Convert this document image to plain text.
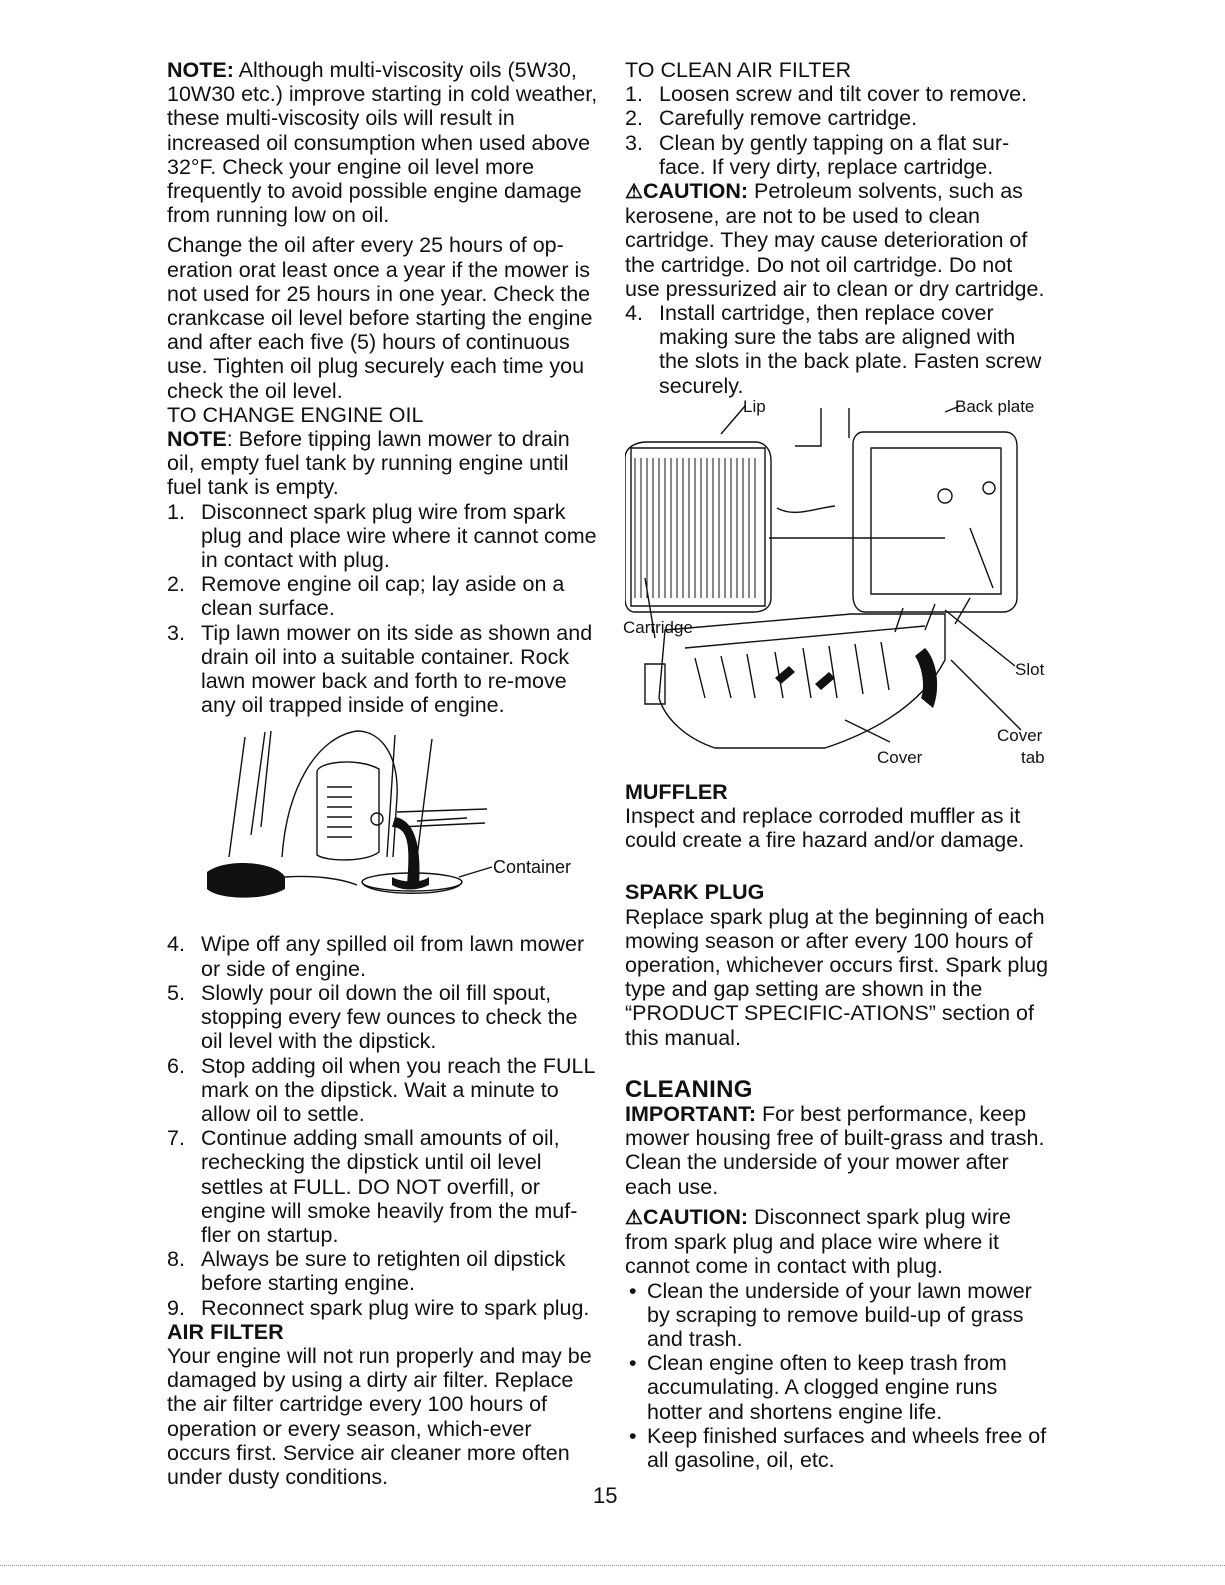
NOTE: Although multi-viscosity oils (5W30, 10W30 etc.) improve starting in cold weather, these multi-viscosity oils will result in increased oil consumption when used above 32°F. Check your engine oil level more frequently to avoid possible engine damage from running low on oil.

Change the oil after every 25 hours of op-eration orat least once a year if the mower is not used for 25 hours in one year. Check the crankcase oil level before starting the engine and after each five (5) hours of continuous use. Tighten oil plug securely each time you check the oil level.

TO CHANGE ENGINE OIL

NOTE: Before tipping lawn mower to drain oil, empty fuel tank by running engine until fuel tank is empty.

1. Disconnect spark plug wire from spark plug and place wire where it cannot come in contact with plug.
2. Remove engine oil cap; lay aside on a clean surface.
3. Tip lawn mower on its side as shown and drain oil into a suitable container. Rock lawn mower back and forth to re-move any oil trapped inside of engine.
Container
4. Wipe off any spilled oil from lawn mower or side of engine.
5. Slowly pour oil down the oil fill spout, stopping every few ounces to check the oil level with the dipstick.
6. Stop adding oil when you reach the FULL mark on the dipstick. Wait a minute to allow oil to settle.
7. Continue adding small amounts of oil, rechecking the dipstick until oil level settles at FULL. DO NOT overfill, or engine will smoke heavily from the muf-fler on startup.
8. Always be sure to retighten oil dipstick before starting engine.
9. Reconnect spark plug wire to spark plug.
AIR FILTER

Your engine will not run properly and may be damaged by using a dirty air filter. Replace the air filter cartridge every 100 hours of operation or every season, which-ever occurs first. Service air cleaner more often under dusty conditions.

TO CLEAN AIR FILTER
1. Loosen screw and tilt cover to remove.
2. Carefully remove cartridge.
3. Clean by gently tapping on a flat sur-face. If very dirty, replace cartridge.

⚠CAUTION: Petroleum solvents, such as kerosene, are not to be used to clean cartridge. They may cause deterioration of the cartridge. Do not oil cartridge. Do not use pressurized air to clean or dry cartridge.

4. Install cartridge, then replace cover making sure the tabs are aligned with the slots in the back plate. Fasten screw securely.
Lip	Back plate
Cartridge
Slot
Cover
Cover
tab
MUFFLER

Inspect and replace corroded muffler as it could create a fire hazard and/or damage.

SPARK PLUG

Replace spark plug at the beginning of each mowing season or after every 100 hours of operation, whichever occurs first. Spark plug type and gap setting are shown in the “PRODUCT SPECIFIC-ATIONS” section of this manual.

CLEANING

IMPORTANT: For best performance, keep mower housing free of built-grass and trash. Clean the underside of your mower after each use.

⚠CAUTION: Disconnect spark plug wire from spark plug and place wire where it cannot come in contact with plug.

• Clean the underside of your lawn mower by scraping to remove build-up of grass and trash.
• Clean engine often to keep trash from accumulating. A clogged engine runs hotter and shortens engine life.
• Keep finished surfaces and wheels free of all gasoline, oil, etc.
15
